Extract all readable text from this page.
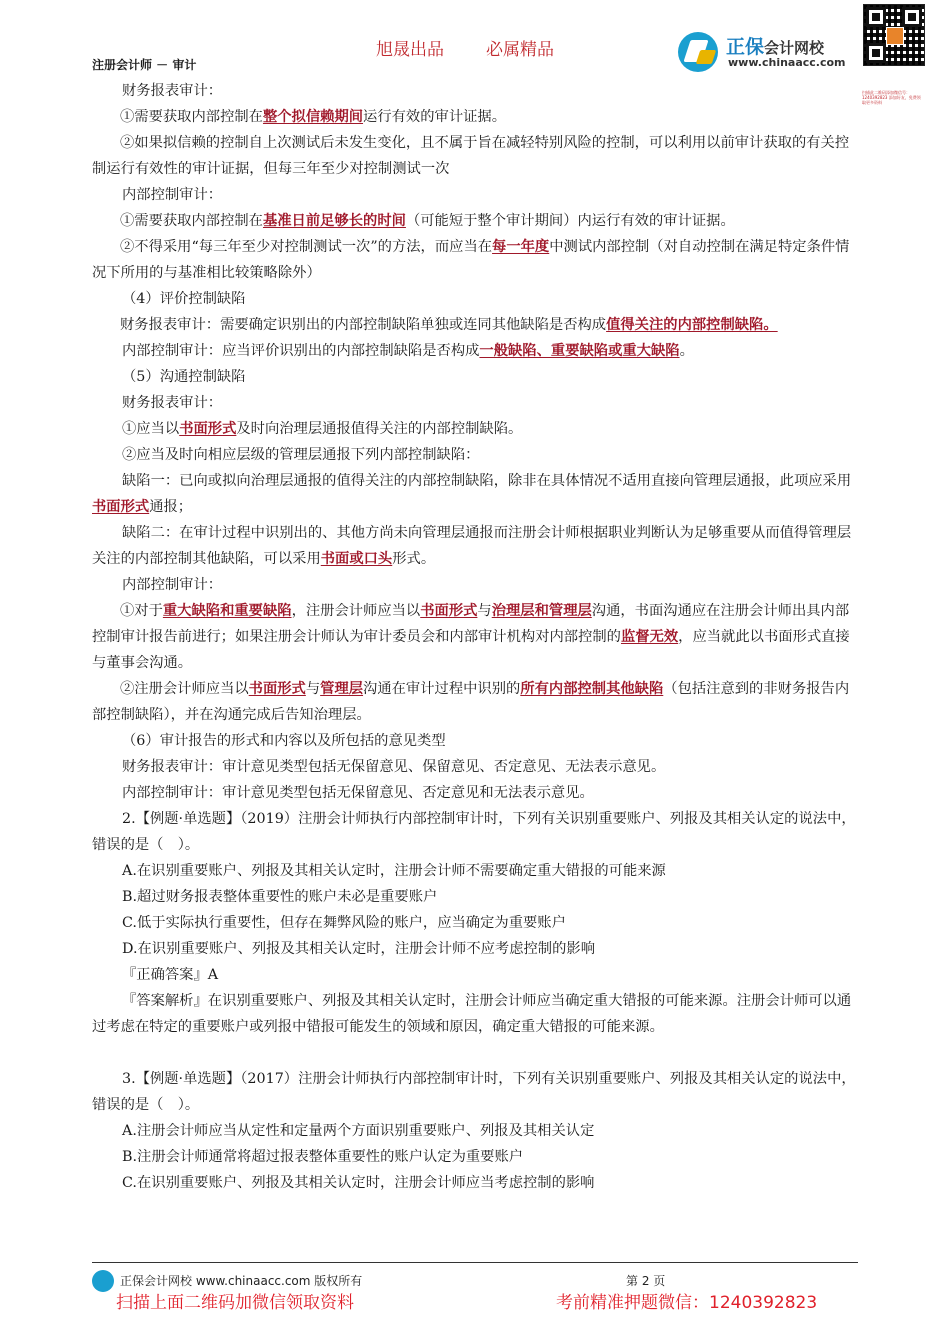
旭晟出品 必属精品
注册会计师 － 审计
正保会计网校
www.chinaacc.com
扫描此二维码添加微信号：1240392823 添加好友，免费领取更多资料

财务报表审计：

①需要获取内部控制在整个拟信赖期间运行有效的审计证据。

②如果拟信赖的控制自上次测试后未发生变化，且不属于旨在减轻特别风险的控制，可以利用以前审计获取的有关控制运行有效性的审计证据，但每三年至少对控制测试一次

内部控制审计：

①需要获取内部控制在基准日前足够长的时间（可能短于整个审计期间）内运行有效的审计证据。

②不得采用“每三年至少对控制测试一次”的方法，而应当在每一年度中测试内部控制（对自动控制在满足特定条件情况下所用的与基准相比较策略除外）

（4）评价控制缺陷

财务报表审计：需要确定识别出的内部控制缺陷单独或连同其他缺陷是否构成值得关注的内部控制缺陷。

内部控制审计：应当评价识别出的内部控制缺陷是否构成一般缺陷、重要缺陷或重大缺陷。

（5）沟通控制缺陷

财务报表审计：

①应当以书面形式及时向治理层通报值得关注的内部控制缺陷。

②应当及时向相应层级的管理层通报下列内部控制缺陷：

缺陷一：已向或拟向治理层通报的值得关注的内部控制缺陷，除非在具体情况不适用直接向管理层通报，此项应采用书面形式通报；

缺陷二：在审计过程中识别出的、其他方尚未向管理层通报而注册会计师根据职业判断认为足够重要从而值得管理层关注的内部控制其他缺陷，可以采用书面或口头形式。

内部控制审计：

①对于重大缺陷和重要缺陷，注册会计师应当以书面形式与治理层和管理层沟通，书面沟通应在注册会计师出具内部控制审计报告前进行；如果注册会计师认为审计委员会和内部审计机构对内部控制的监督无效，应当就此以书面形式直接与董事会沟通。

②注册会计师应当以书面形式与管理层沟通在审计过程中识别的所有内部控制其他缺陷（包括注意到的非财务报告内部控制缺陷），并在沟通完成后告知治理层。

（6）审计报告的形式和内容以及所包括的意见类型

财务报表审计：审计意见类型包括无保留意见、保留意见、否定意见、无法表示意见。

内部控制审计：审计意见类型包括无保留意见、否定意见和无法表示意见。

2.【例题·单选题】（2019）注册会计师执行内部控制审计时，下列有关识别重要账户、列报及其相关认定的说法中，错误的是（　）。

A.在识别重要账户、列报及其相关认定时，注册会计师不需要确定重大错报的可能来源

B.超过财务报表整体重要性的账户未必是重要账户

C.低于实际执行重要性，但存在舞弊风险的账户，应当确定为重要账户

D.在识别重要账户、列报及其相关认定时，注册会计师不应考虑控制的影响

『正确答案』A

『答案解析』在识别重要账户、列报及其相关认定时，注册会计师应当确定重大错报的可能来源。注册会计师可以通过考虑在特定的重要账户或列报中错报可能发生的领域和原因，确定重大错报的可能来源。

3.【例题·单选题】（2017）注册会计师执行内部控制审计时，下列有关识别重要账户、列报及其相关认定的说法中，错误的是（　）。

A.注册会计师应当从定性和定量两个方面识别重要账户、列报及其相关认定

B.注册会计师通常将超过报表整体重要性的账户认定为重要账户

C.在识别重要账户、列报及其相关认定时，注册会计师应当考虑控制的影响

正保会计网校 www.chinaacc.com 版权所有	第 2 页
扫描上面二维码加微信领取资料	考前精准押题微信：1240392823
